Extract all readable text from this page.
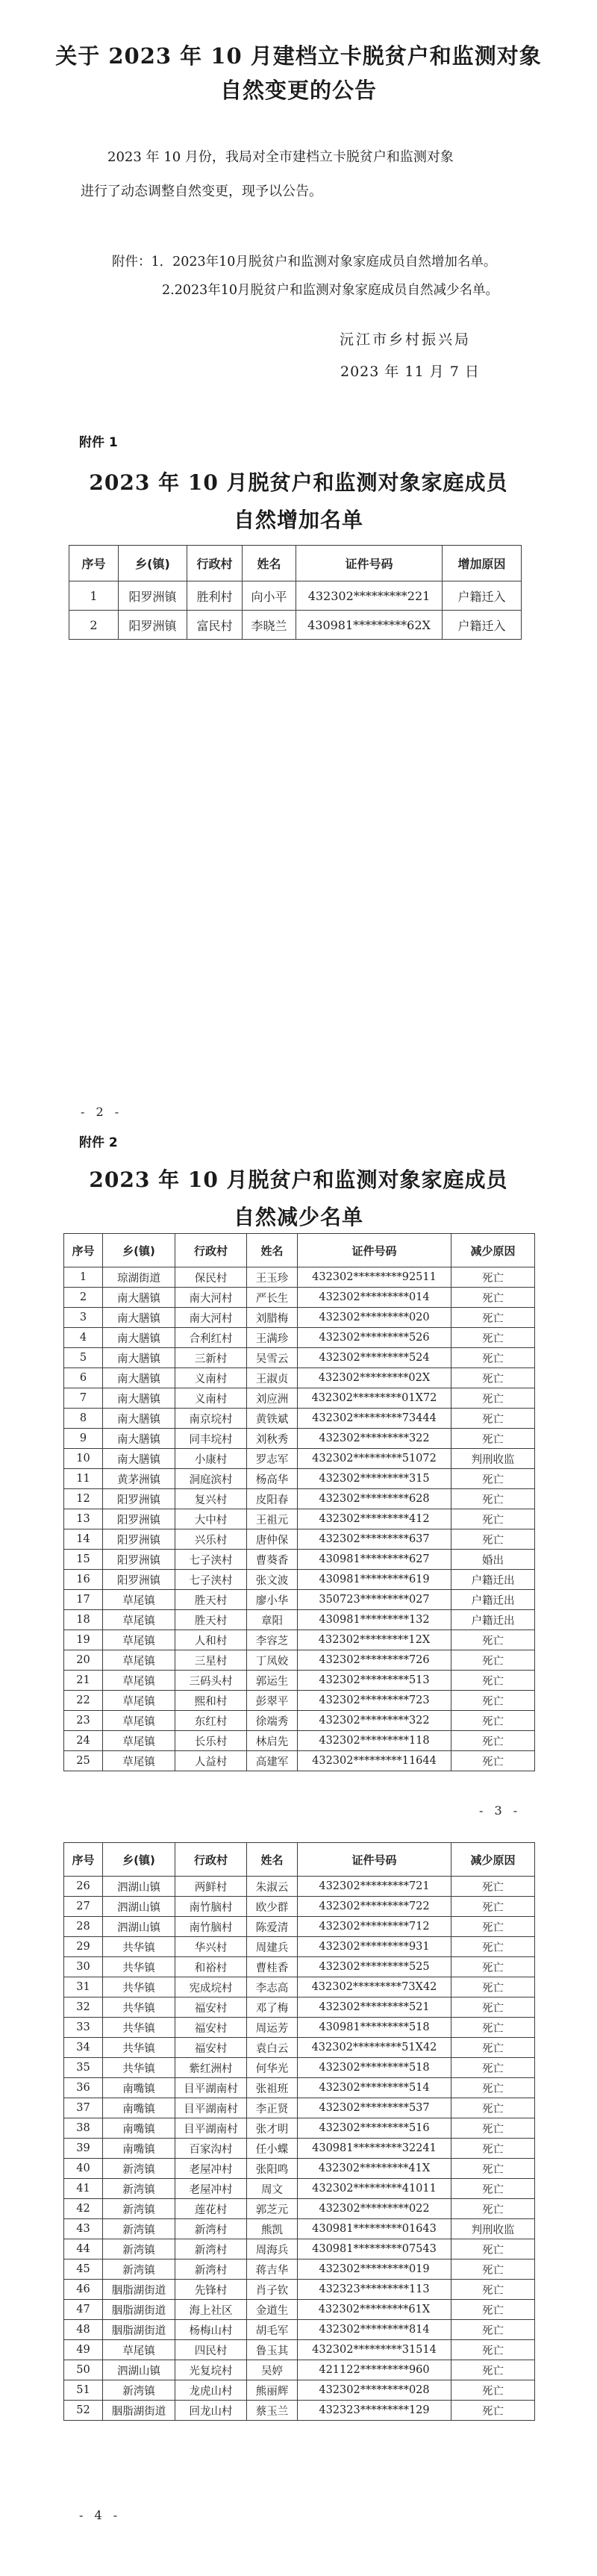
关于 2023 年 10 月建档立卡脱贫户和监测对象
自然变更的公告

2023 年 10 月份，我局对全市建档立卡脱贫户和监测对象
进行了动态调整自然变更，现予以公告。

附件：1．2023年10月脱贫户和监测对象家庭成员自然增加名单。
2.2023年10月脱贫户和监测对象家庭成员自然减少名单。
沅江市乡村振兴局
2023 年 11 月 7 日
附件 1
2023 年 10 月脱贫户和监测对象家庭成员
自然增加名单
序号	乡(镇)	行政村	姓名	证件号码	增加原因
1	阳罗洲镇	胜利村	向小平	432302*********221	户籍迁入
2	阳罗洲镇	富民村	李晓兰	430981*********62X	户籍迁入
- 2 -
附件 2
2023 年 10 月脱贫户和监测对象家庭成员
自然减少名单
序号	乡(镇)	行政村	姓名	证件号码	减少原因
1	琼湖街道	保民村	王玉珍	432302*********92511	死亡
2	南大膳镇	南大河村	严长生	432302*********014	死亡
3	南大膳镇	南大河村	刘腊梅	432302*********020	死亡
4	南大膳镇	合利红村	王满珍	432302*********526	死亡
5	南大膳镇	三新村	吴雪云	432302*********524	死亡
6	南大膳镇	义南村	王淑贞	432302*********02X	死亡
7	南大膳镇	义南村	刘应洲	432302*********01X72	死亡
8	南大膳镇	南京垸村	黄铁斌	432302*********73444	死亡
9	南大膳镇	同丰垸村	刘秋秀	432302*********322	死亡
10	南大膳镇	小康村	罗志军	432302*********51072	判刑收监
11	黄茅洲镇	洞庭滨村	杨高华	432302*********315	死亡
12	阳罗洲镇	复兴村	皮阳春	432302*********628	死亡
13	阳罗洲镇	大中村	王祖元	432302*********412	死亡
14	阳罗洲镇	兴乐村	唐仲保	432302*********637	死亡
15	阳罗洲镇	七子浃村	曹葵香	430981*********627	婚出
16	阳罗洲镇	七子浃村	张文波	430981*********619	户籍迁出
17	草尾镇	胜天村	廖小华	350723*********027	户籍迁出
18	草尾镇	胜天村	章阳	430981*********132	户籍迁出
19	草尾镇	人和村	李容芝	432302*********12X	死亡
20	草尾镇	三星村	丁凤姣	432302*********726	死亡
21	草尾镇	三码头村	郭运生	432302*********513	死亡
22	草尾镇	熙和村	彭翠平	432302*********723	死亡
23	草尾镇	东红村	徐端秀	432302*********322	死亡
24	草尾镇	长乐村	林启先	432302*********118	死亡
25	草尾镇	人益村	高建军	432302*********11644	死亡
- 3 -
序号	乡(镇)	行政村	姓名	证件号码	减少原因
26	泗湖山镇	两鲜村	朱淑云	432302*********721	死亡
27	泗湖山镇	南竹脑村	欧少群	432302*********722	死亡
28	泗湖山镇	南竹脑村	陈爱清	432302*********712	死亡
29	共华镇	华兴村	周建兵	432302*********931	死亡
30	共华镇	和裕村	曹桂香	432302*********525	死亡
31	共华镇	宪成垸村	李志高	432302*********73X42	死亡
32	共华镇	福安村	邓了梅	432302*********521	死亡
33	共华镇	福安村	周运芳	430981*********518	死亡
34	共华镇	福安村	袁白云	432302*********51X42	死亡
35	共华镇	紫红洲村	何华光	432302*********518	死亡
36	南嘴镇	目平湖南村	张祖班	432302*********514	死亡
37	南嘴镇	目平湖南村	李正贤	432302*********537	死亡
38	南嘴镇	目平湖南村	张才明	432302*********516	死亡
39	南嘴镇	百家沟村	任小蝶	430981*********32241	死亡
40	新湾镇	老屋冲村	张阳鸣	432302*********41X	死亡
41	新湾镇	老屋冲村	周文	432302*********41011	死亡
42	新湾镇	莲花村	郭芝元	432302*********022	死亡
43	新湾镇	新湾村	熊凯	430981*********01643	判刑收监
44	新湾镇	新湾村	周海兵	430981*********07543	死亡
45	新湾镇	新湾村	蒋吉华	432302*********019	死亡
46	胭脂湖街道	先锋村	肖子钦	432323*********113	死亡
47	胭脂湖街道	海上社区	金道生	432302*********61X	死亡
48	胭脂湖街道	杨梅山村	胡毛军	432302*********814	死亡
49	草尾镇	四民村	鲁玉其	432302*********31514	死亡
50	泗湖山镇	光复垸村	吴婷	421122*********960	死亡
51	新湾镇	龙虎山村	熊丽辉	432302*********028	死亡
52	胭脂湖街道	回龙山村	蔡玉兰	432323*********129	死亡
- 4 -
